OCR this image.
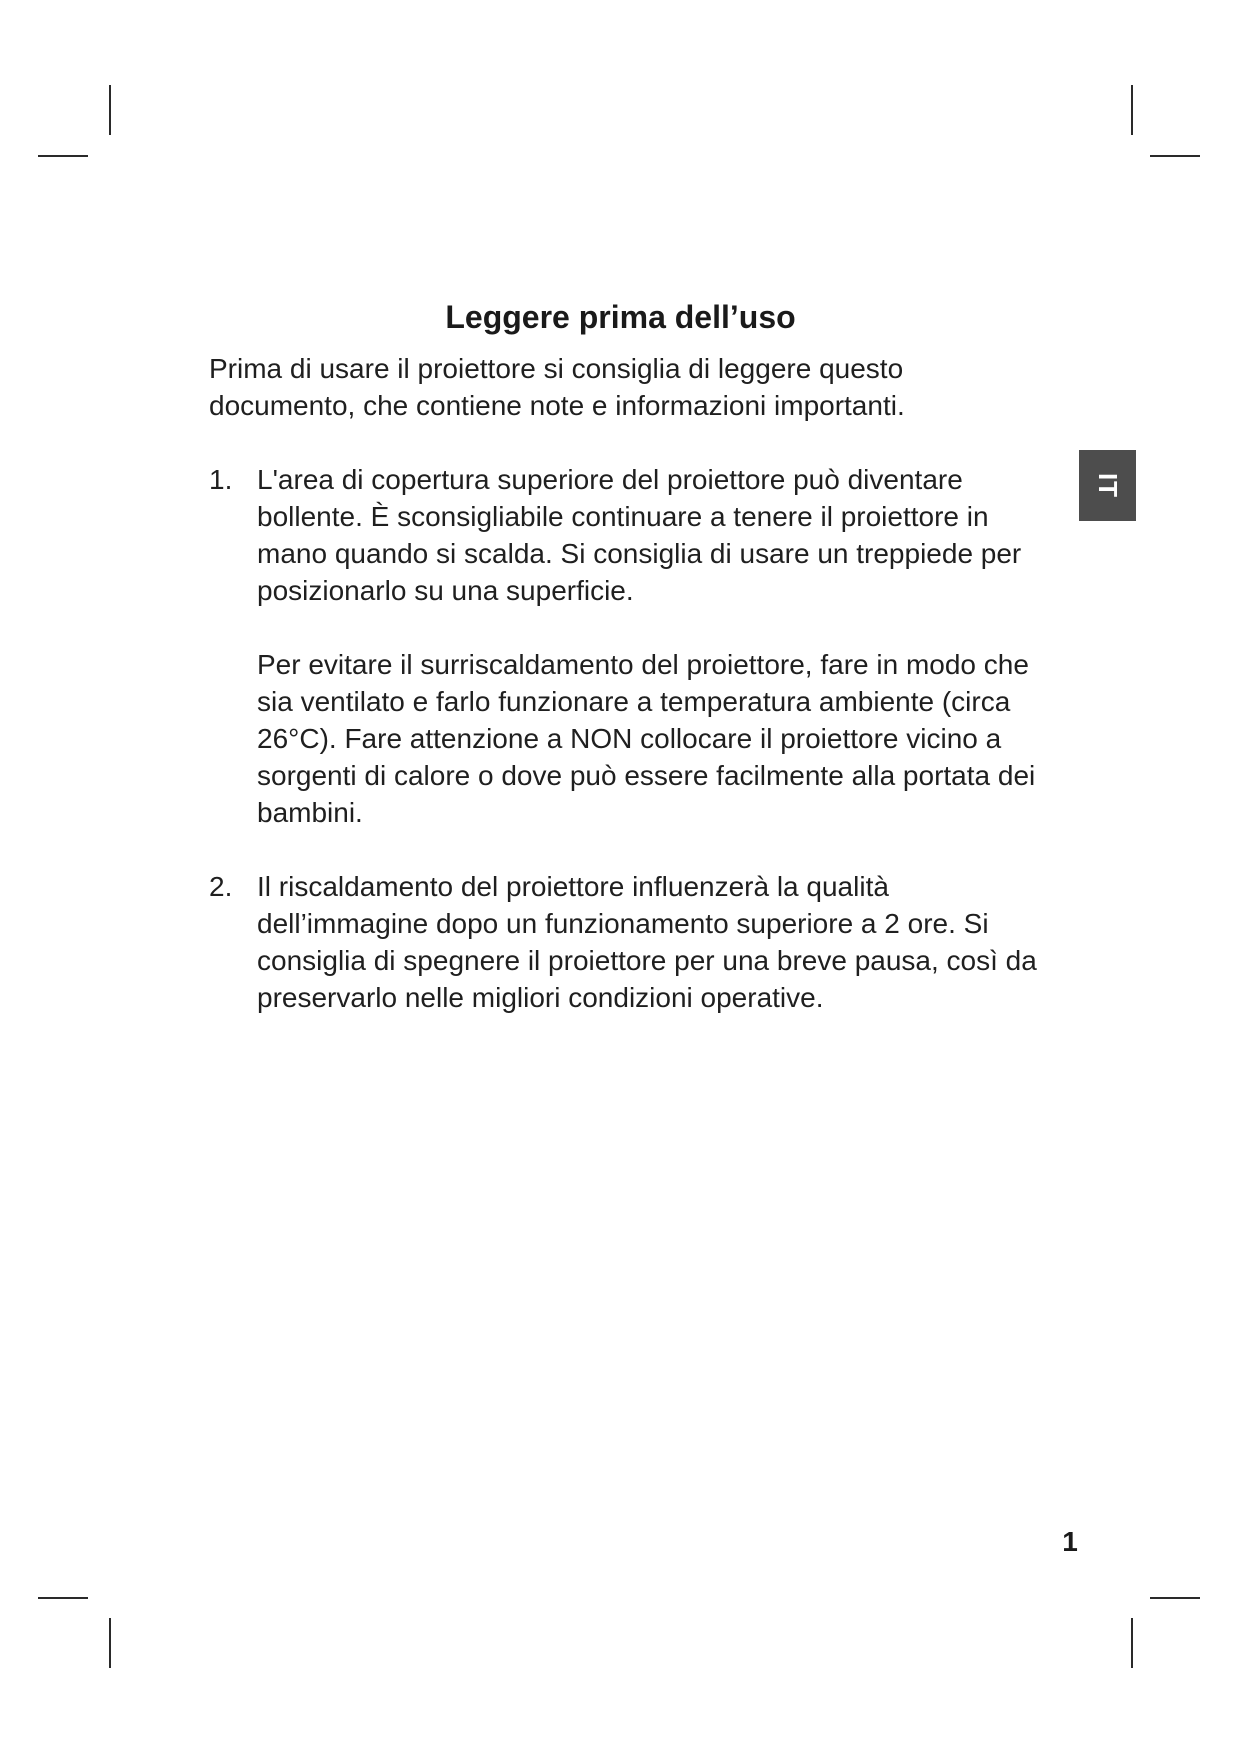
Leggere prima dell’uso

Prima di usare il proiettore si consiglia di leggere questo documento, che contiene note e informazioni importanti.

1. L'area di copertura superiore del proiettore può diventare bollente. È sconsigliabile continuare a tenere il proiettore in mano quando si scalda. Si consiglia di usare un treppiede per posizionarlo su una superficie.

Per evitare il surriscaldamento del proiettore, fare in modo che sia ventilato e farlo funzionare a temperatura ambiente (circa 26°C). Fare attenzione a NON collocare il proiettore vicino a sorgenti di calore o dove può essere facilmente alla portata dei bambini.

2. Il riscaldamento del proiettore influenzerà la qualità dell’immagine dopo un funzionamento superiore a 2 ore. Si consiglia di spegnere il proiettore per una breve pausa, così da preservarlo nelle migliori condizioni operative.

IT
1
